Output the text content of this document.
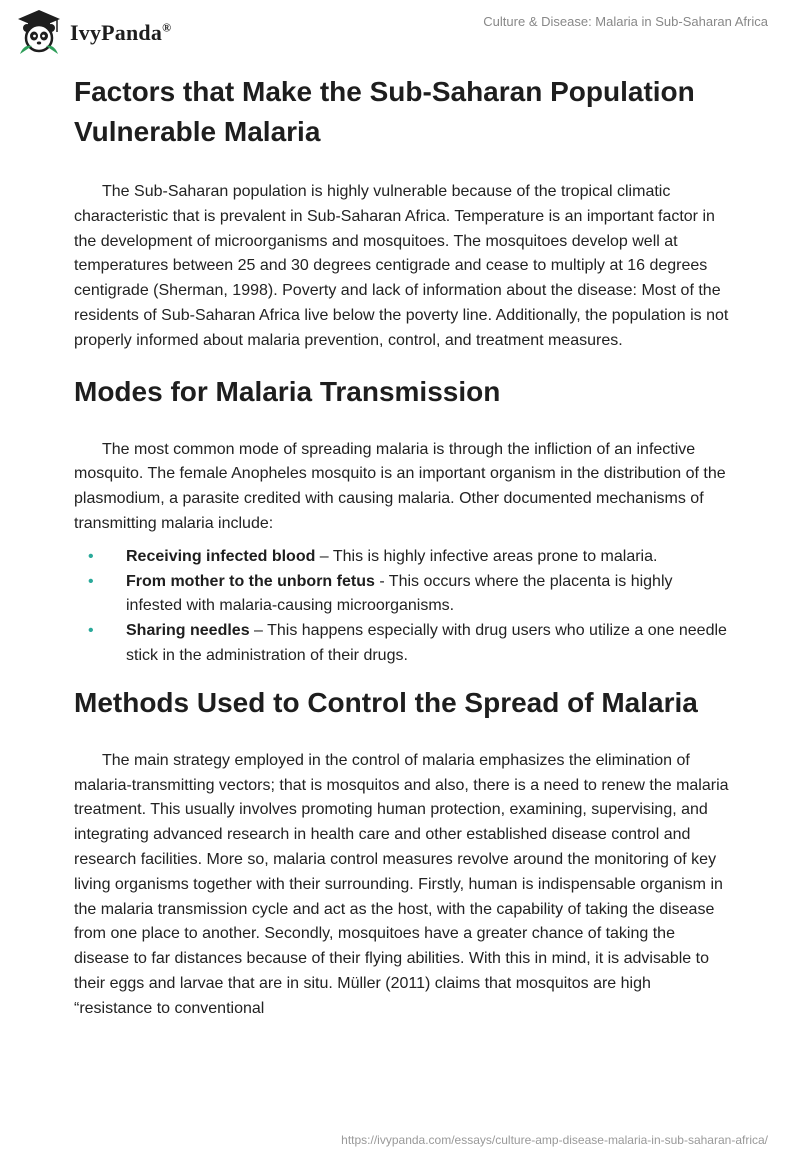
IvyPanda®	Culture & Disease: Malaria in Sub-Saharan Africa
Factors that Make the Sub-Saharan Population Vulnerable Malaria

The Sub-Saharan population is highly vulnerable because of the tropical climatic characteristic that is prevalent in Sub-Saharan Africa. Temperature is an important factor in the development of microorganisms and mosquitoes. The mosquitoes develop well at temperatures between 25 and 30 degrees centigrade and cease to multiply at 16 degrees centigrade (Sherman, 1998). Poverty and lack of information about the disease: Most of the residents of Sub-Saharan Africa live below the poverty line. Additionally, the population is not properly informed about malaria prevention, control, and treatment measures.

Modes for Malaria Transmission

The most common mode of spreading malaria is through the infliction of an infective mosquito. The female Anopheles mosquito is an important organism in the distribution of the plasmodium, a parasite credited with causing malaria. Other documented mechanisms of transmitting malaria include:

• Receiving infected blood – This is highly infective areas prone to malaria.
• From mother to the unborn fetus - This occurs where the placenta is highly infested with malaria-causing microorganisms.
• Sharing needles – This happens especially with drug users who utilize a one needle stick in the administration of their drugs.
Methods Used to Control the Spread of Malaria

The main strategy employed in the control of malaria emphasizes the elimination of malaria-transmitting vectors; that is mosquitos and also, there is a need to renew the malaria treatment. This usually involves promoting human protection, examining, supervising, and integrating advanced research in health care and other established disease control and research facilities. More so, malaria control measures revolve around the monitoring of key living organisms together with their surrounding. Firstly, human is indispensable organism in the malaria transmission cycle and act as the host, with the capability of taking the disease from one place to another. Secondly, mosquitoes have a greater chance of taking the disease to far distances because of their flying abilities. With this in mind, it is advisable to their eggs and larvae that are in situ. Müller (2011) claims that mosquitos are high “resistance to conventional

https://ivypanda.com/essays/culture-amp-disease-malaria-in-sub-saharan-africa/
